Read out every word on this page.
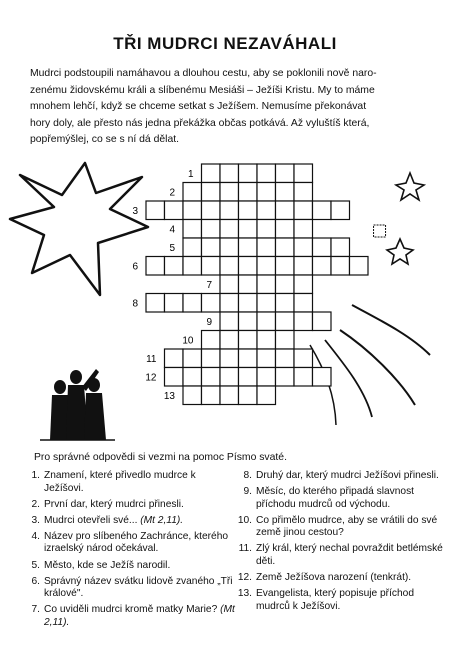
TŘI MUDRCI NEZAVÁHALI
Mudrci podstoupili namáhavou a dlouhou cestu, aby se poklonili nově naro-
zenému židovskému králi a slíbenému Mesiáši – Ježíši Kristu. My to máme
mnohem lehčí, když se chceme setkat s Ježíšem. Nemusíme překonávat
hory doly, ale přesto nás jedna překážka občas potkává. Až vyluštíš která,
popřemýšlej, co se s ní dá dělat.
1
2
3
4
5
6
7
8
9
10
11
12
13
Pro správné odpovědi si vezmi na pomoc Písmo svaté.
1. Znamení, které přivedlo mudrce k Ježíšovi.
2. První dar, který mudrci přinesli.
3. Mudrci otevřeli své... (Mt 2,11).
4. Název pro slíbeného Zachránce, kterého izraelský národ očekával.
5. Město, kde se Ježíš narodil.
6. Správný název svátku lidově zvaného „Tři králové".
7. Co uviděli mudrci kromě matky Marie? (Mt 2,11).
8. Druhý dar, který mudrci Ježíšovi přinesli.
9. Měsíc, do kterého připadá slavnost příchodu mudrců od východu.
10. Co přimělo mudrce, aby se vrátili do své země jinou cestou?
11. Zlý král, který nechal povraždit betlémské děti.
12. Země Ježíšova narození (tenkrát).
13. Evangelista, který popisuje příchod mudrců k Ježíšovi.
